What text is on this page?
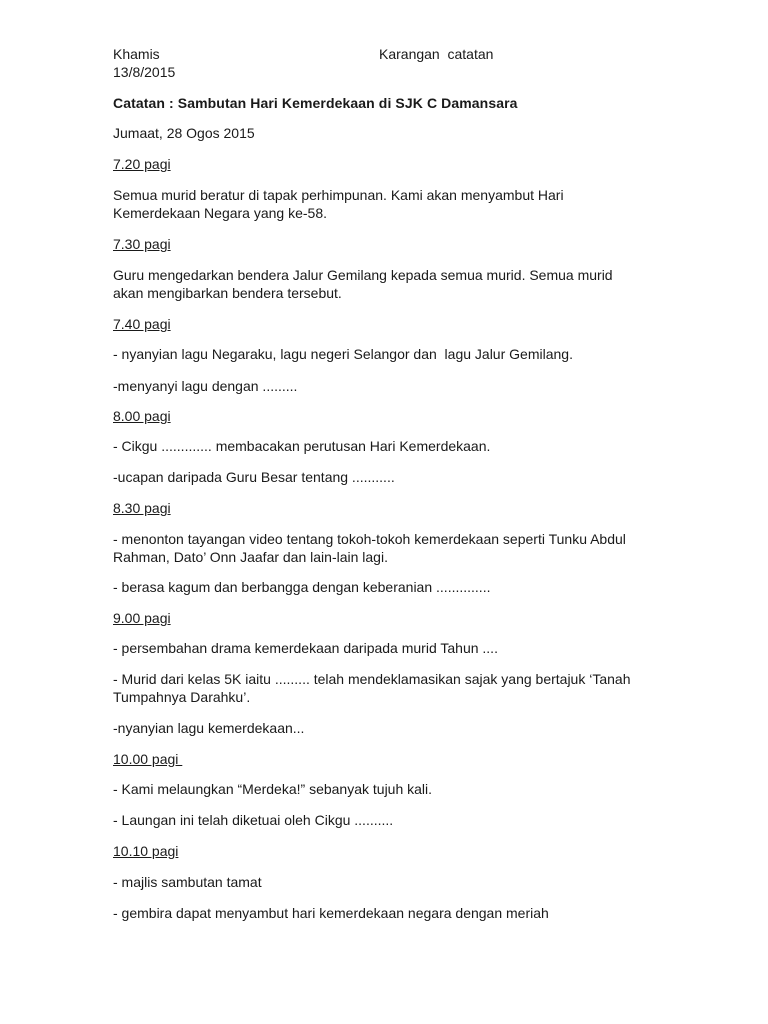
Khamis
13/8/2015
Karangan  catatan
Catatan : Sambutan Hari Kemerdekaan di SJK C Damansara
Jumaat, 28 Ogos 2015
7.20 pagi
Semua murid beratur di tapak perhimpunan. Kami akan menyambut Hari Kemerdekaan Negara yang ke-58.
7.30 pagi
Guru mengedarkan bendera Jalur Gemilang kepada semua murid. Semua murid akan mengibarkan bendera tersebut.
7.40 pagi
- nyanyian lagu Negaraku, lagu negeri Selangor dan  lagu Jalur Gemilang.
-menyanyi lagu dengan .........
8.00 pagi
- Cikgu ............. membacakan perutusan Hari Kemerdekaan.
-ucapan daripada Guru Besar tentang ...........
8.30 pagi
- menonton tayangan video tentang tokoh-tokoh kemerdekaan seperti Tunku Abdul Rahman, Dato’ Onn Jaafar dan lain-lain lagi.
- berasa kagum dan berbangga dengan keberanian ..............
9.00 pagi
- persembahan drama kemerdekaan daripada murid Tahun ....
- Murid dari kelas 5K iaitu ......... telah mendeklamasikan sajak yang bertajuk ‘Tanah Tumpahnya Darahku’.
-nyanyian lagu kemerdekaan...
10.00 pagi
- Kami melaungkan “Merdeka!” sebanyak tujuh kali.
- Laungan ini telah diketuai oleh Cikgu ..........
10.10 pagi
- majlis sambutan tamat
- gembira dapat menyambut hari kemerdekaan negara dengan meriah
